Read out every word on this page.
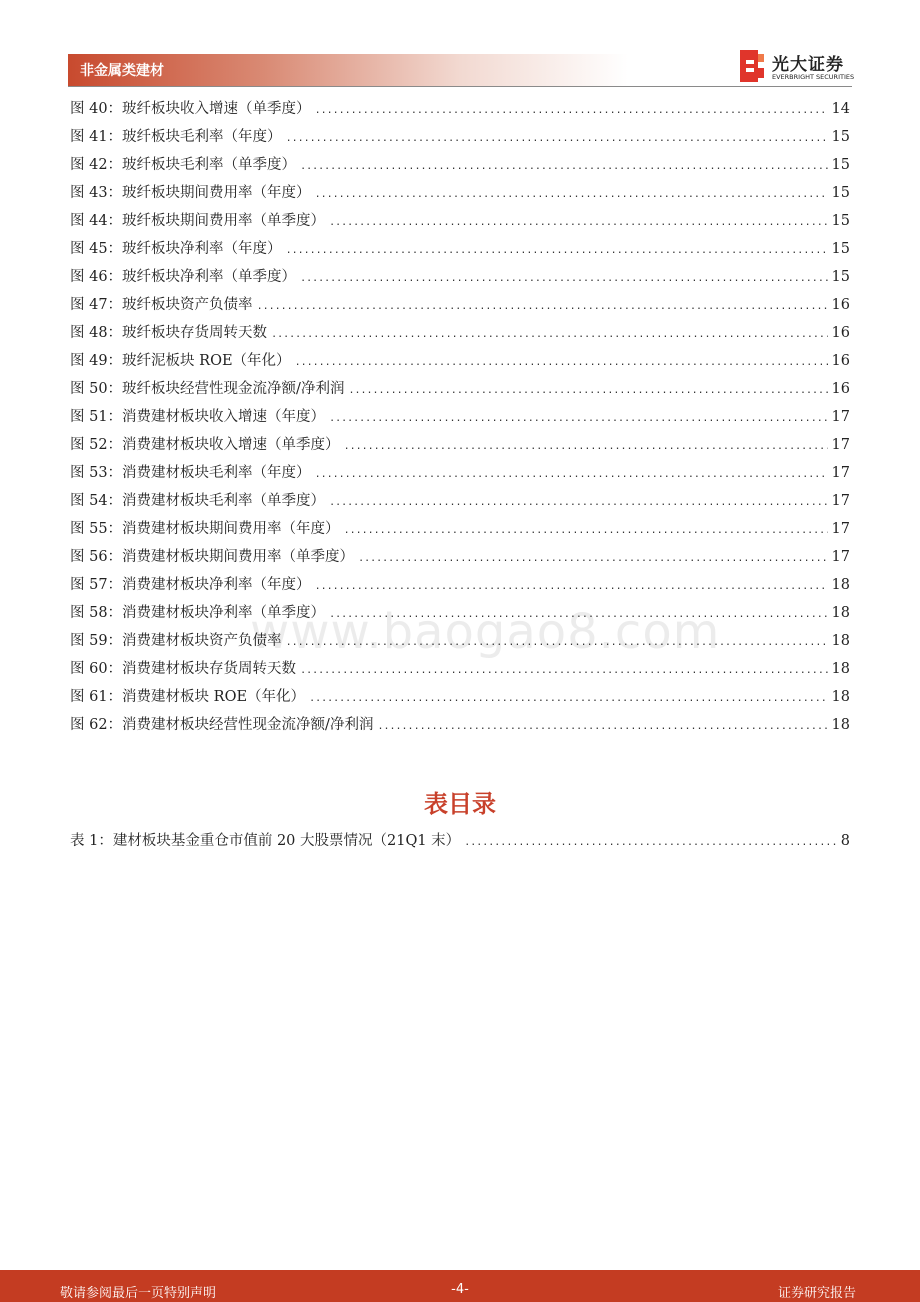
非金属类建材	光大证券
EVERBRIGHT SECURITIES
www.baogao8.com
图 40：玻纤板块收入增速（单季度） .....	14
图 41：玻纤板块毛利率（年度） .....	15
图 42：玻纤板块毛利率（单季度） .....	15
图 43：玻纤板块期间费用率（年度） .....	15
图 44：玻纤板块期间费用率（单季度） .....	15
图 45：玻纤板块净利率（年度） .....	15
图 46：玻纤板块净利率（单季度） .....	15
图 47：玻纤板块资产负债率 .....	16
图 48：玻纤板块存货周转天数 .....	16
图 49：玻纤泥板块 ROE（年化） .....	16
图 50：玻纤板块经营性现金流净额/净利润 .....	16
图 51：消费建材板块收入增速（年度） .....	17
图 52：消费建材板块收入增速（单季度） .....	17
图 53：消费建材板块毛利率（年度） .....	17
图 54：消费建材板块毛利率（单季度） .....	17
图 55：消费建材板块期间费用率（年度） .....	17
图 56：消费建材板块期间费用率（单季度） .....	17
图 57：消费建材板块净利率（年度） .....	18
图 58：消费建材板块净利率（单季度） .....	18
图 59：消费建材板块资产负债率 .....	18
图 60：消费建材板块存货周转天数 .....	18
图 61：消费建材板块 ROE（年化） .....	18
图 62：消费建材板块经营性现金流净额/净利润 .....	18
表目录
表 1：建材板块基金重仓市值前 20 大股票情况（21Q1 末） .....	8
敬请参阅最后一页特别声明	-4-	证券研究报告
